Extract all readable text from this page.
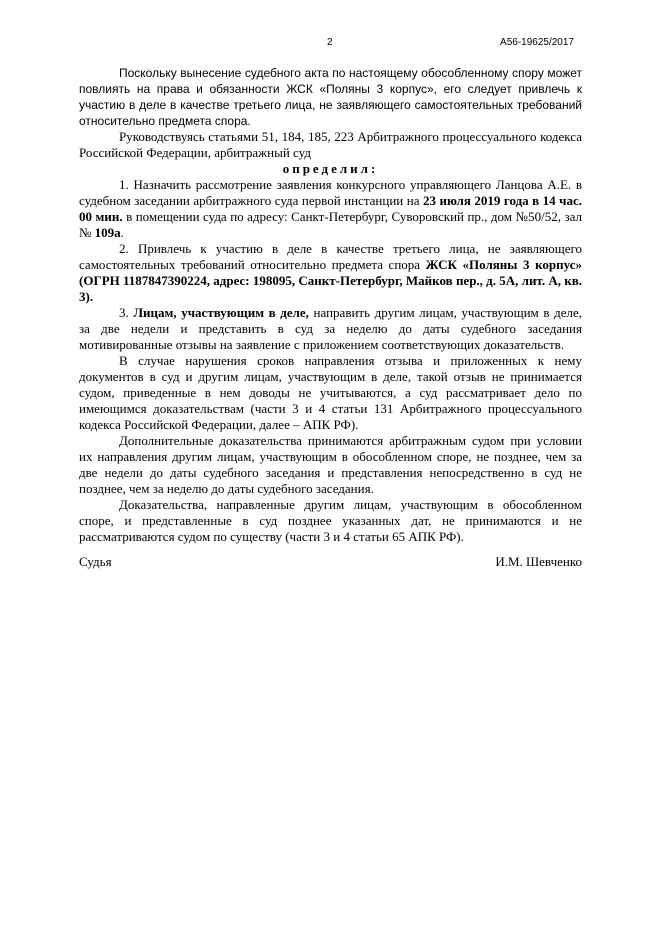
2	А56-19625/2017

Поскольку вынесение судебного акта по настоящему обособленному спору может повлиять на права и обязанности ЖСК «Поляны 3 корпус», его следует привлечь к участию в деле в качестве третьего лица, не заявляющего самостоятельных требований относительно предмета спора.

Руководствуясь статьями 51, 184, 185, 223 Арбитражного процессуального кодекса Российской Федерации, арбитражный суд

определил:

1. Назначить рассмотрение заявления конкурсного управляющего Ланцова А.Е. в судебном заседании арбитражного суда первой инстанции на 23 июля 2019 года в 14 час. 00 мин. в помещении суда по адресу: Санкт-Петербург, Суворовский пр., дом №50/52, зал № 109а.

2. Привлечь к участию в деле в качестве третьего лица, не заявляющего самостоятельных требований относительно предмета спора ЖСК «Поляны 3 корпус» (ОГРН 1187847390224, адрес: 198095, Санкт-Петербург, Майков пер., д. 5А, лит. А, кв. 3).

3. Лицам, участвующим в деле, направить другим лицам, участвующим в деле, за две недели и представить в суд за неделю до даты судебного заседания мотивированные отзывы на заявление с приложением соответствующих доказательств.

В случае нарушения сроков направления отзыва и приложенных к нему документов в суд и другим лицам, участвующим в деле, такой отзыв не принимается судом, приведенные в нем доводы не учитываются, а суд рассматривает дело по имеющимся доказательствам (части 3 и 4 статьи 131 Арбитражного процессуального кодекса Российской Федерации, далее – АПК РФ).

Дополнительные доказательства принимаются арбитражным судом при условии их направления другим лицам, участвующим в обособленном споре, не позднее, чем за две недели до даты судебного заседания и представления непосредственно в суд не позднее, чем за неделю до даты судебного заседания.

Доказательства, направленные другим лицам, участвующим в обособленном споре, и представленные в суд позднее указанных дат, не принимаются и не рассматриваются судом по существу (части 3 и 4 статьи 65 АПК РФ).

Судья	И.М. Шевченко
